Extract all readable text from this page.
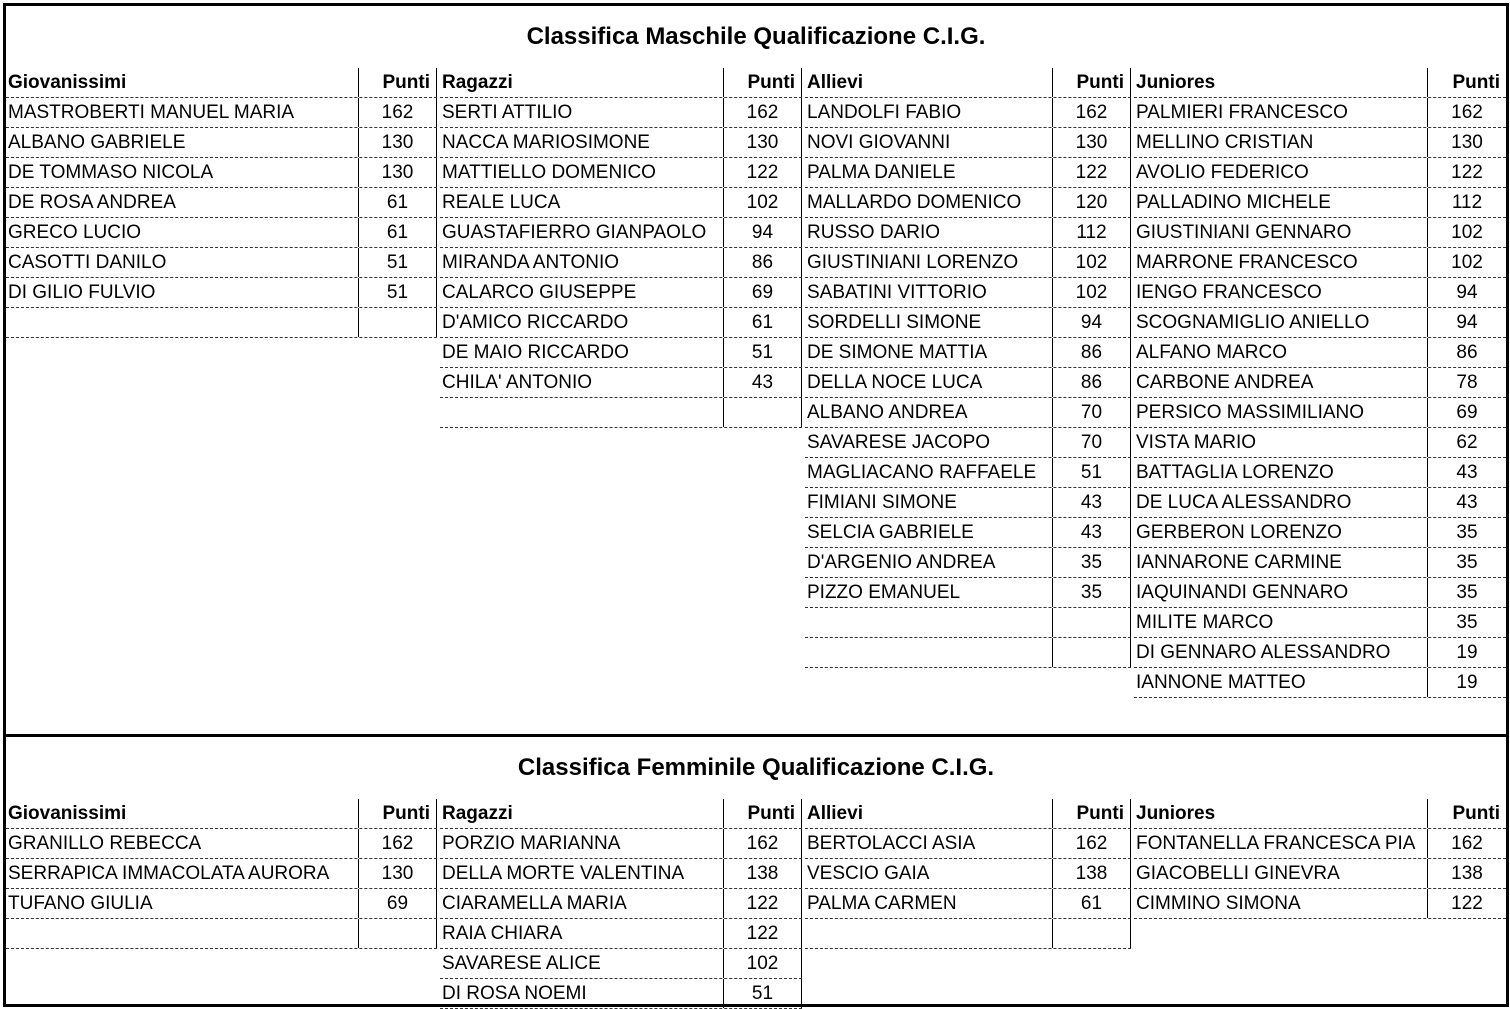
Classifica Maschile Qualificazione C.I.G.
Giovanissimi	Punti
MASTROBERTI MANUEL MARIA	162
ALBANO GABRIELE	130
DE TOMMASO NICOLA	130
DE ROSA ANDREA	61
GRECO LUCIO	61
CASOTTI DANILO	51
DI GILIO FULVIO	51
Ragazzi	Punti
SERTI ATTILIO	162
NACCA MARIOSIMONE	130
MATTIELLO DOMENICO	122
REALE LUCA	102
GUASTAFIERRO GIANPAOLO	94
MIRANDA ANTONIO	86
CALARCO GIUSEPPE	69
D'AMICO RICCARDO	61
DE MAIO RICCARDO	51
CHILA' ANTONIO	43
Allievi	Punti
LANDOLFI FABIO	162
NOVI GIOVANNI	130
PALMA DANIELE	122
MALLARDO DOMENICO	120
RUSSO DARIO	112
GIUSTINIANI LORENZO	102
SABATINI VITTORIO	102
SORDELLI SIMONE	94
DE SIMONE MATTIA	86
DELLA NOCE LUCA	86
ALBANO ANDREA	70
SAVARESE JACOPO	70
MAGLIACANO RAFFAELE	51
FIMIANI SIMONE	43
SELCIA GABRIELE	43
D'ARGENIO ANDREA	35
PIZZO EMANUEL	35
Juniores	Punti
PALMIERI FRANCESCO	162
MELLINO CRISTIAN	130
AVOLIO FEDERICO	122
PALLADINO MICHELE	112
GIUSTINIANI GENNARO	102
MARRONE FRANCESCO	102
IENGO FRANCESCO	94
SCOGNAMIGLIO ANIELLO	94
ALFANO MARCO	86
CARBONE ANDREA	78
PERSICO MASSIMILIANO	69
VISTA MARIO	62
BATTAGLIA LORENZO	43
DE LUCA ALESSANDRO	43
GERBERON LORENZO	35
IANNARONE CARMINE	35
IAQUINANDI GENNARO	35
MILITE MARCO	35
DI GENNARO ALESSANDRO	19
IANNONE MATTEO	19
Classifica Femminile Qualificazione C.I.G.
Giovanissimi	Punti
GRANILLO REBECCA	162
SERRAPICA IMMACOLATA AURORA	130
TUFANO GIULIA	69
Ragazzi	Punti
PORZIO MARIANNA	162
DELLA MORTE VALENTINA	138
CIARAMELLA MARIA	122
RAIA CHIARA	122
SAVARESE ALICE	102
DI ROSA NOEMI	51
Allievi	Punti
BERTOLACCI ASIA	162
VESCIO GAIA	138
PALMA CARMEN	61
Juniores	Punti
FONTANELLA FRANCESCA PIA	162
GIACOBELLI GINEVRA	138
CIMMINO SIMONA	122
